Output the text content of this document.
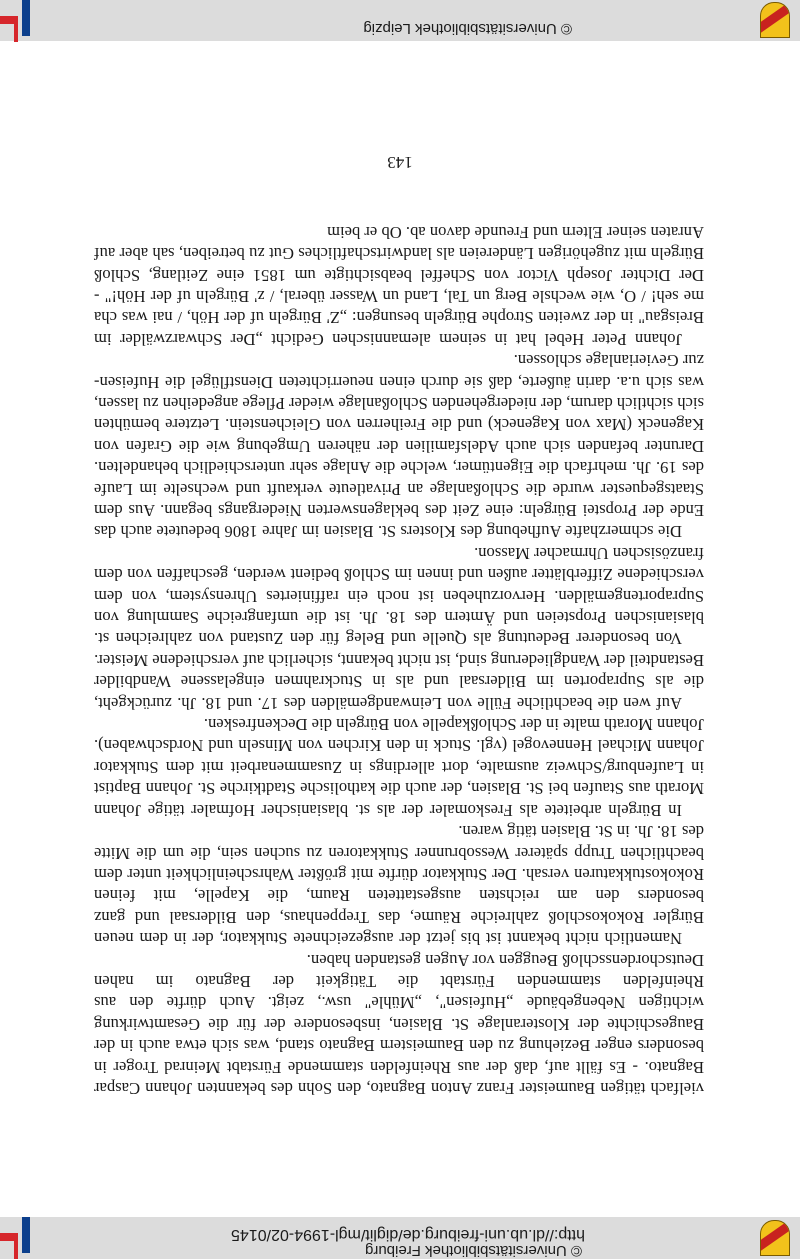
© Universitätsbibliothek Freiburg
http://dl.ub.uni-freiburg.de/diglit/mgl-1994-02/0145
© Universitätsbibliothek Leipzig

vielfach tätigen Baumeister Franz Anton Bagnato, den Sohn des bekannten Johann Caspar Bagnato. - Es fällt auf, daß der aus Rheinfelden stammende Fürstabt Meinrad Troger in besonders enger Beziehung zu den Baumeistern Bagnato stand, was sich etwa auch in der Baugeschichte der Klosteranlage St. Blasien, insbesondere der für die Gesamtwirkung wichtigen Nebengebäude „Hufeisen", „Mühle" usw., zeigt. Auch dürfte den aus Rheinfelden stammenden Fürstabt die Tätigkeit der Bagnato im nahen Deutschordensschloß Beuggen vor Augen gestanden haben.

Namentlich nicht bekannt ist bis jetzt der ausgezeichnete Stukkator, der in dem neuen Bürgler Rokokoschloß zahlreiche Räume, das Treppenhaus, den Bildersaal und ganz besonders den am reichsten ausgestatteten Raum, die Kapelle, mit feinen Rokokostukkaturen versah. Der Stukkator dürfte mit größter Wahrscheinlichkeit unter dem beachtlichen Trupp späterer Wessobrunner Stukkatoren zu suchen sein, die um die Mitte des 18. Jh. in St. Blasien tätig waren.

In Bürgeln arbeitete als Freskomaler der als st. blasianischer Hofmaler tätige Johann Morath aus Staufen bei St. Blasien, der auch die katholische Stadtkirche St. Johann Baptist in Laufenburg/Schweiz ausmalte, dort allerdings in Zusammenarbeit mit dem Stukkator Johann Michael Hennevogel (vgl. Stuck in den Kirchen von Minseln und Nordschwaben). Johann Morath malte in der Schloßkapelle von Bürgeln die Deckenfresken.

Auf wen die beachtliche Fülle von Leinwandgemälden des 17. und 18. Jh. zurückgeht, die als Supraporten im Bildersaal und als in Stuckrahmen eingelassene Wandbilder Bestandteil der Wandgliederung sind, ist nicht bekannt, sicherlich auf verschiedene Meister.

Von besonderer Bedeutung als Quelle und Beleg für den Zustand von zahlreichen st. blasianischen Propsteien und Ämtern des 18. Jh. ist die umfangreiche Sammlung von Supraportengemälden. Hervorzuheben ist noch ein raffiniertes Uhrensystem, von dem verschiedene Zifferblätter außen und innen im Schloß bedient werden, geschaffen von dem französischen Uhrmacher Masson.

Die schmerzhafte Aufhebung des Klosters St. Blasien im Jahre 1806 bedeutete auch das Ende der Propstei Bürgeln: eine Zeit des beklagenswerten Niedergangs begann. Aus dem Staatsgequester wurde die Schloßanlage an Privatleute verkauft und wechselte im Laufe des 19. Jh. mehrfach die Eigentümer, welche die Anlage sehr unterschiedlich behandelten. Darunter befanden sich auch Adelsfamilien der näheren Umgebung wie die Grafen von Kageneck (Max von Kageneck) und die Freiherren von Gleichenstein. Letztere bemühten sich sichtlich darum, der niedergehenden Schloßanlage wieder Pflege angedeihen zu lassen, was sich u.a. darin äußerte, daß sie durch einen neuerrichteten Dienstflügel die Hufeisen- zur Gevierianlage schlossen.

Johann Peter Hebel hat in seinem alemannischen Gedicht „Der Schwarzwälder im Breisgau" in der zweiten Strophe Bürgeln besungen: „Z' Bürgeln uf der Höh, / nai was cha me seh! / O, wie wechsle Berg un Tal, Land un Wasser überal, / z' Bürgeln uf der Höh!" - Der Dichter Joseph Victor von Scheffel beabsichtigte um 1851 eine Zeitlang, Schloß Bürgeln mit zugehörigen Ländereien als landwirtschaftliches Gut zu betreiben, sah aber auf Anraten seiner Eltern und Freunde davon ab. Ob er beim

143
